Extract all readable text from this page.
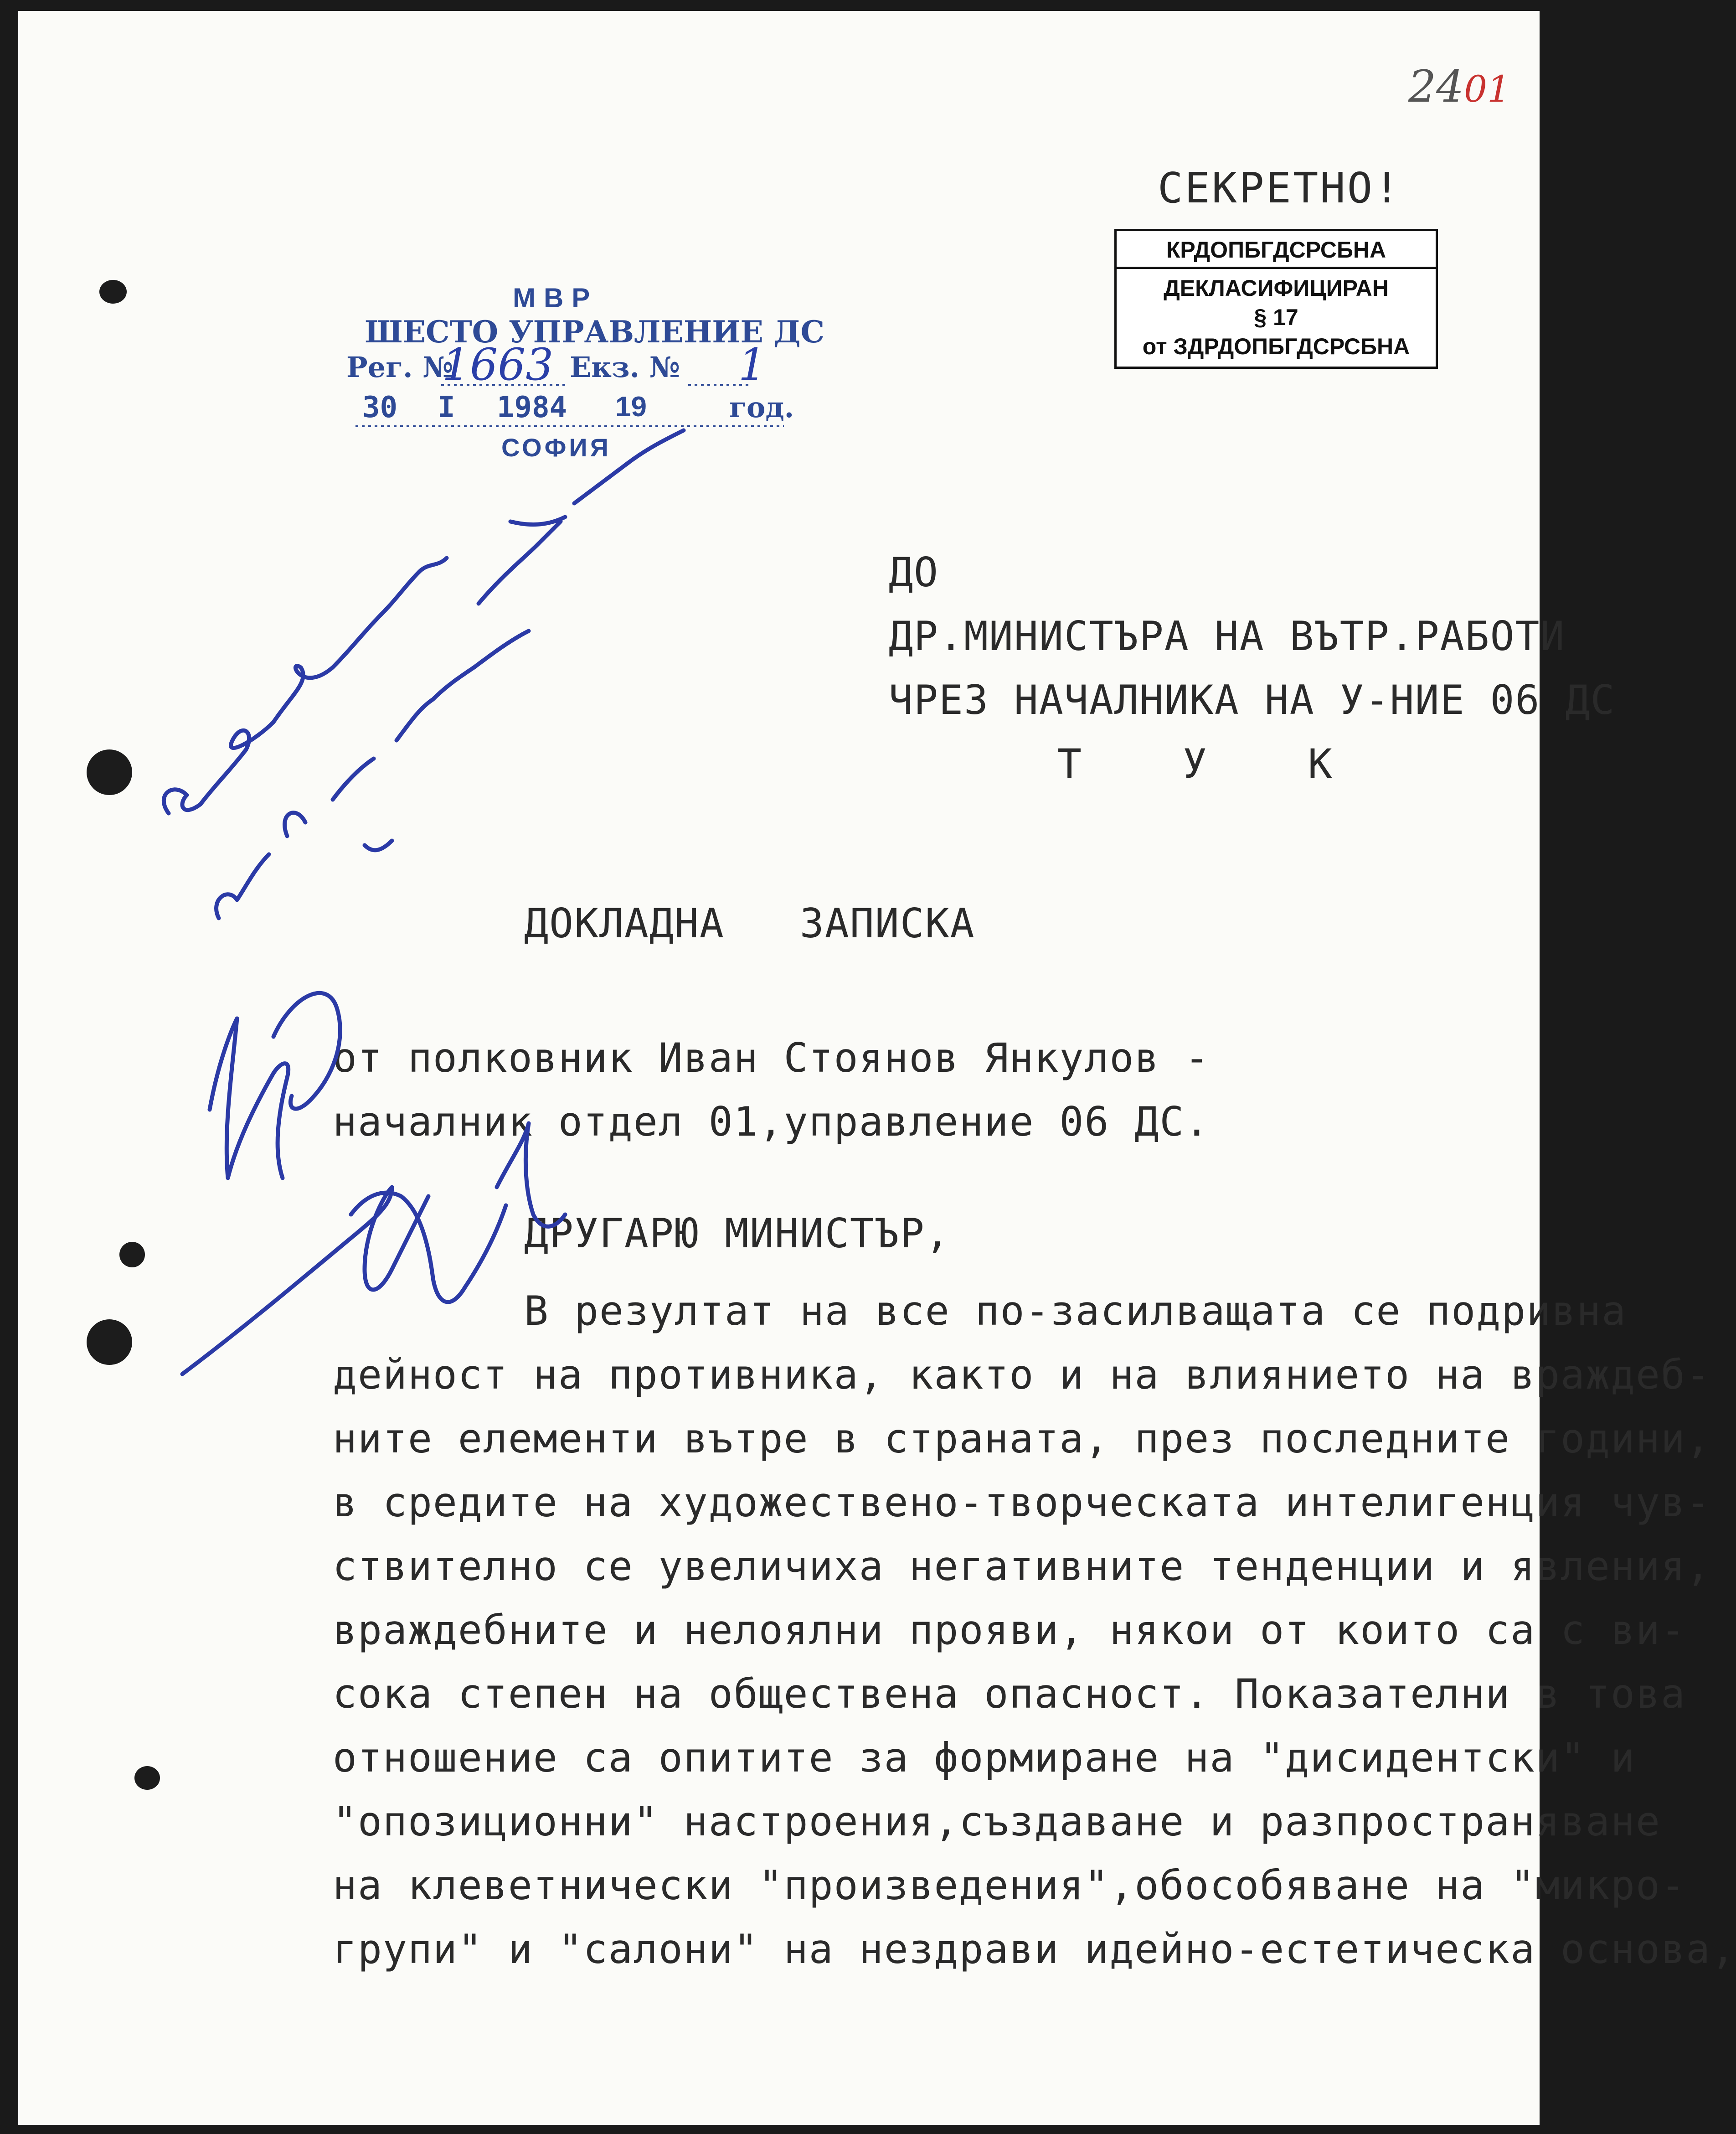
2401
СЕКРЕТНО!
КРДОПБГДСРСБНА
ДЕКЛАСИФИЦИРАН
§ 17
от ЗДРДОПБГДСРСБНА
МВР
ШЕСТО УПРАВЛЕНИЕ ДС
Рег. №
1663 Екз. № 1
30 I 1984 19	год.
СОФИЯ
ДО
ДР.МИНИСТЪРА НА ВЪТР.РАБОТИ
ЧРЕЗ НАЧАЛНИКА НА У-НИЕ 06 ДС
Т    У    К
ДОКЛАДНА   ЗАПИСКА
от полковник Иван Стоянов Янкулов -
началник отдел 01,управление 06 ДС.
ДРУГАРЮ МИНИСТЪР,
В резултат на все по-засилващата се подривна
дейност на противника, както и на влиянието на враждеб-
ните елементи вътре в страната, през последните години,
в средите на художествено-творческата интелигенция чув-
ствително се увеличиха негативните тенденции и явления,
враждебните и нелоялни прояви, някои от които са с ви-
сока степен на обществена опасност. Показателни в това
отношение са опитите за формиране на "дисидентски" и
"опозиционни" настроения,създаване и разпространяване
на клеветнически "произведения",обособяване на "микро-
групи" и "салони" на нездрави идейно-естетическа основа,
